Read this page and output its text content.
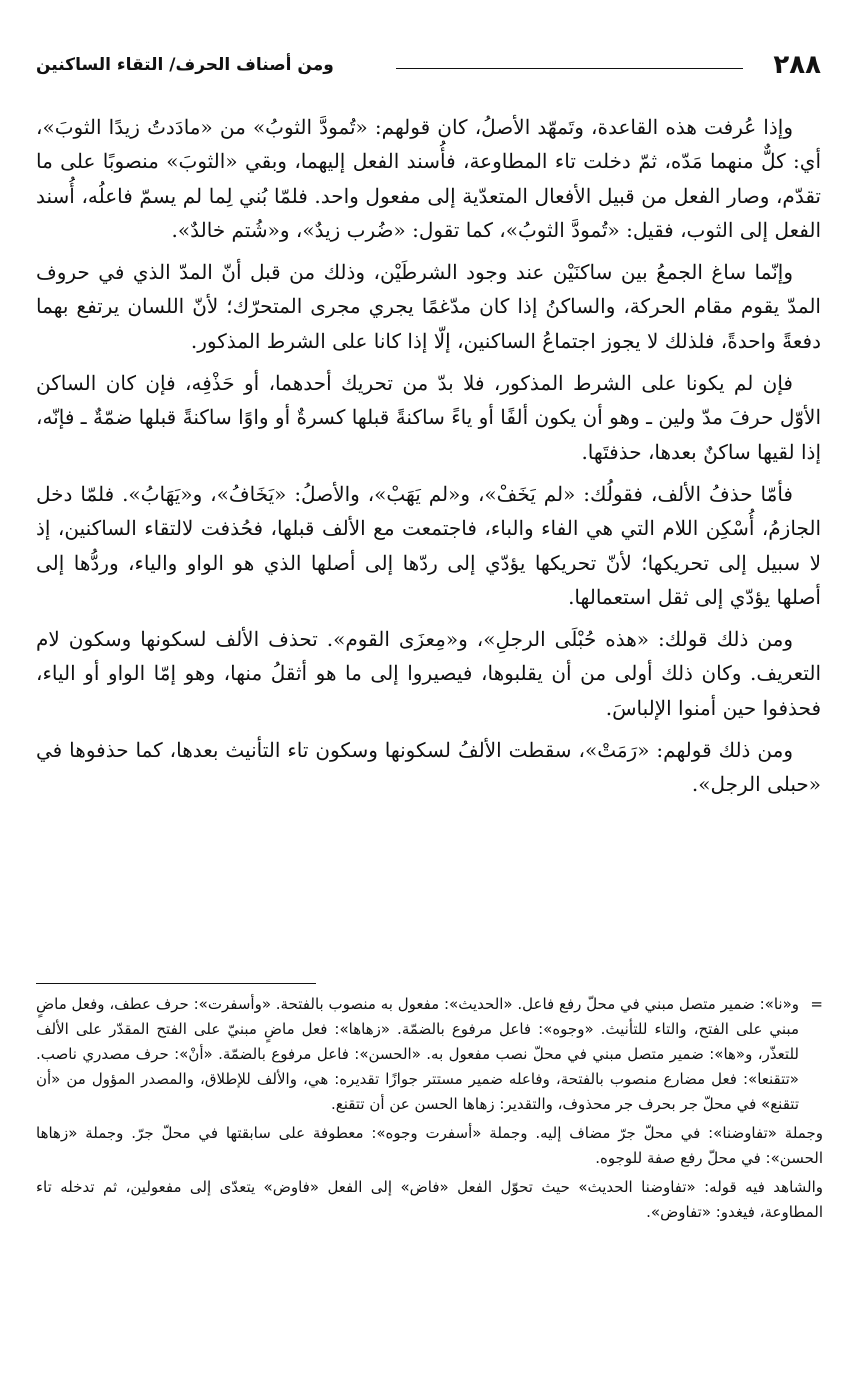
٢٨٨
ومن أصناف الحرف/ التقاء الساكنين

وإذا عُرفت هذه القاعدة، وتَمهّد الأصلُ، كان قولهم: «تُمودَّ الثوبُ» من «مادَدتُ زيدًا الثوبَ»، أي: كلٌّ منهما مَدّه، ثمّ دخلت تاء المطاوعة، فأُسند الفعل إليهما، وبقي «الثوبَ» منصوبًا على ما تقدّم، وصار الفعل من قبيل الأفعال المتعدّية إلى مفعول واحد. فلمّا بُني لِما لم يسمّ فاعلُه، أُسند الفعل إلى الثوب، فقيل: «تُمودَّ الثوبُ»، كما تقول: «ضُرب زيدٌ»، و«شُتم خالدٌ».

وإنّما ساغ الجمعُ بين ساكنَيْن عند وجود الشرطَيْن، وذلك من قبل أنّ المدّ الذي في حروف المدّ يقوم مقام الحركة، والساكنُ إذا كان مدّغمًا يجري مجرى المتحرّك؛ لأنّ اللسان يرتفع بهما دفعةً واحدةً، فلذلك لا يجوز اجتماعُ الساكنين، إلّا إذا كانا على الشرط المذكور.

فإن لم يكونا على الشرط المذكور، فلا بدّ من تحريك أحدهما، أو حَذْفِه، فإن كان الساكن الأوّل حرفَ مدّ ولين ـ وهو أن يكون ألفًا أو ياءً ساكنةً قبلها كسرةٌ أو واوًا ساكنةً قبلها ضمّةٌ ـ فإنّه، إذا لقيها ساكنٌ بعدها، حذفتَها.

فأمّا حذفُ الألف، فقولُك: «لم يَخَفْ»، و«لم يَهَبْ»، والأصلُ: «يَخَافُ»، و«يَهَابُ». فلمّا دخل الجازمُ، أُسْكِن اللام التي هي الفاء والباء، فاجتمعت مع الألف قبلها، فحُذفت لالتقاء الساكنين، إذ لا سبيل إلى تحريكها؛ لأنّ تحريكها يؤدّي إلى ردّها إلى أصلها الذي هو الواو والياء، وردُّها إلى أصلها يؤدّي إلى ثقل استعمالها.

ومن ذلك قولك: «هذه حُبْلَى الرجلِ»، و«مِعزَى القوم». تحذف الألف لسكونها وسكون لام التعريف. وكان ذلك أولى من أن يقلبوها، فيصيروا إلى ما هو أثقلُ منها، وهو إمّا الواو أو الياء، فحذفوا حين أمنوا الإلباسَ.

ومن ذلك قولهم: «رَمَتْ»، سقطت الألفُ لسكونها وسكون تاء التأنيث بعدها، كما حذفوها في «حبلى الرجل».

=
و«نا»: ضمير متصل مبني في محلّ رفع فاعل. «الحديث»: مفعول به منصوب بالفتحة. «وأسفرت»: حرف عطف، وفعل ماضٍ مبني على الفتح، والتاء للتأنيث. «وجوه»: فاعل مرفوع بالضمّة. «زهاها»: فعل ماضٍ مبنيّ على الفتح المقدّر على الألف للتعذّر، و«ها»: ضمير متصل مبني في محلّ نصب مفعول به. «الحسن»: فاعل مرفوع بالضمّة. «أنْ»: حرف مصدري ناصب. «تتقنعا»: فعل مضارع منصوب بالفتحة، وفاعله ضمير مستتر جوازًا تقديره: هي، والألف للإطلاق، والمصدر المؤول من «أن تتقنع» في محلّ جر بحرف جر محذوف، والتقدير: زهاها الحسن عن أن تتقنع.

وجملة «تفاوضنا»: في محلّ جرّ مضاف إليه. وجملة «أسفرت وجوه»: معطوفة على سابقتها في محلّ جرّ. وجملة «زهاها الحسن»: في محلّ رفع صفة للوجوه.

والشاهد فيه قوله: «تفاوضنا الحديث» حيث تحوّل الفعل «فاض» إلى الفعل «فاوض» يتعدّى إلى مفعولين، ثم تدخله تاء المطاوعة، فيغدو: «تفاوض».
